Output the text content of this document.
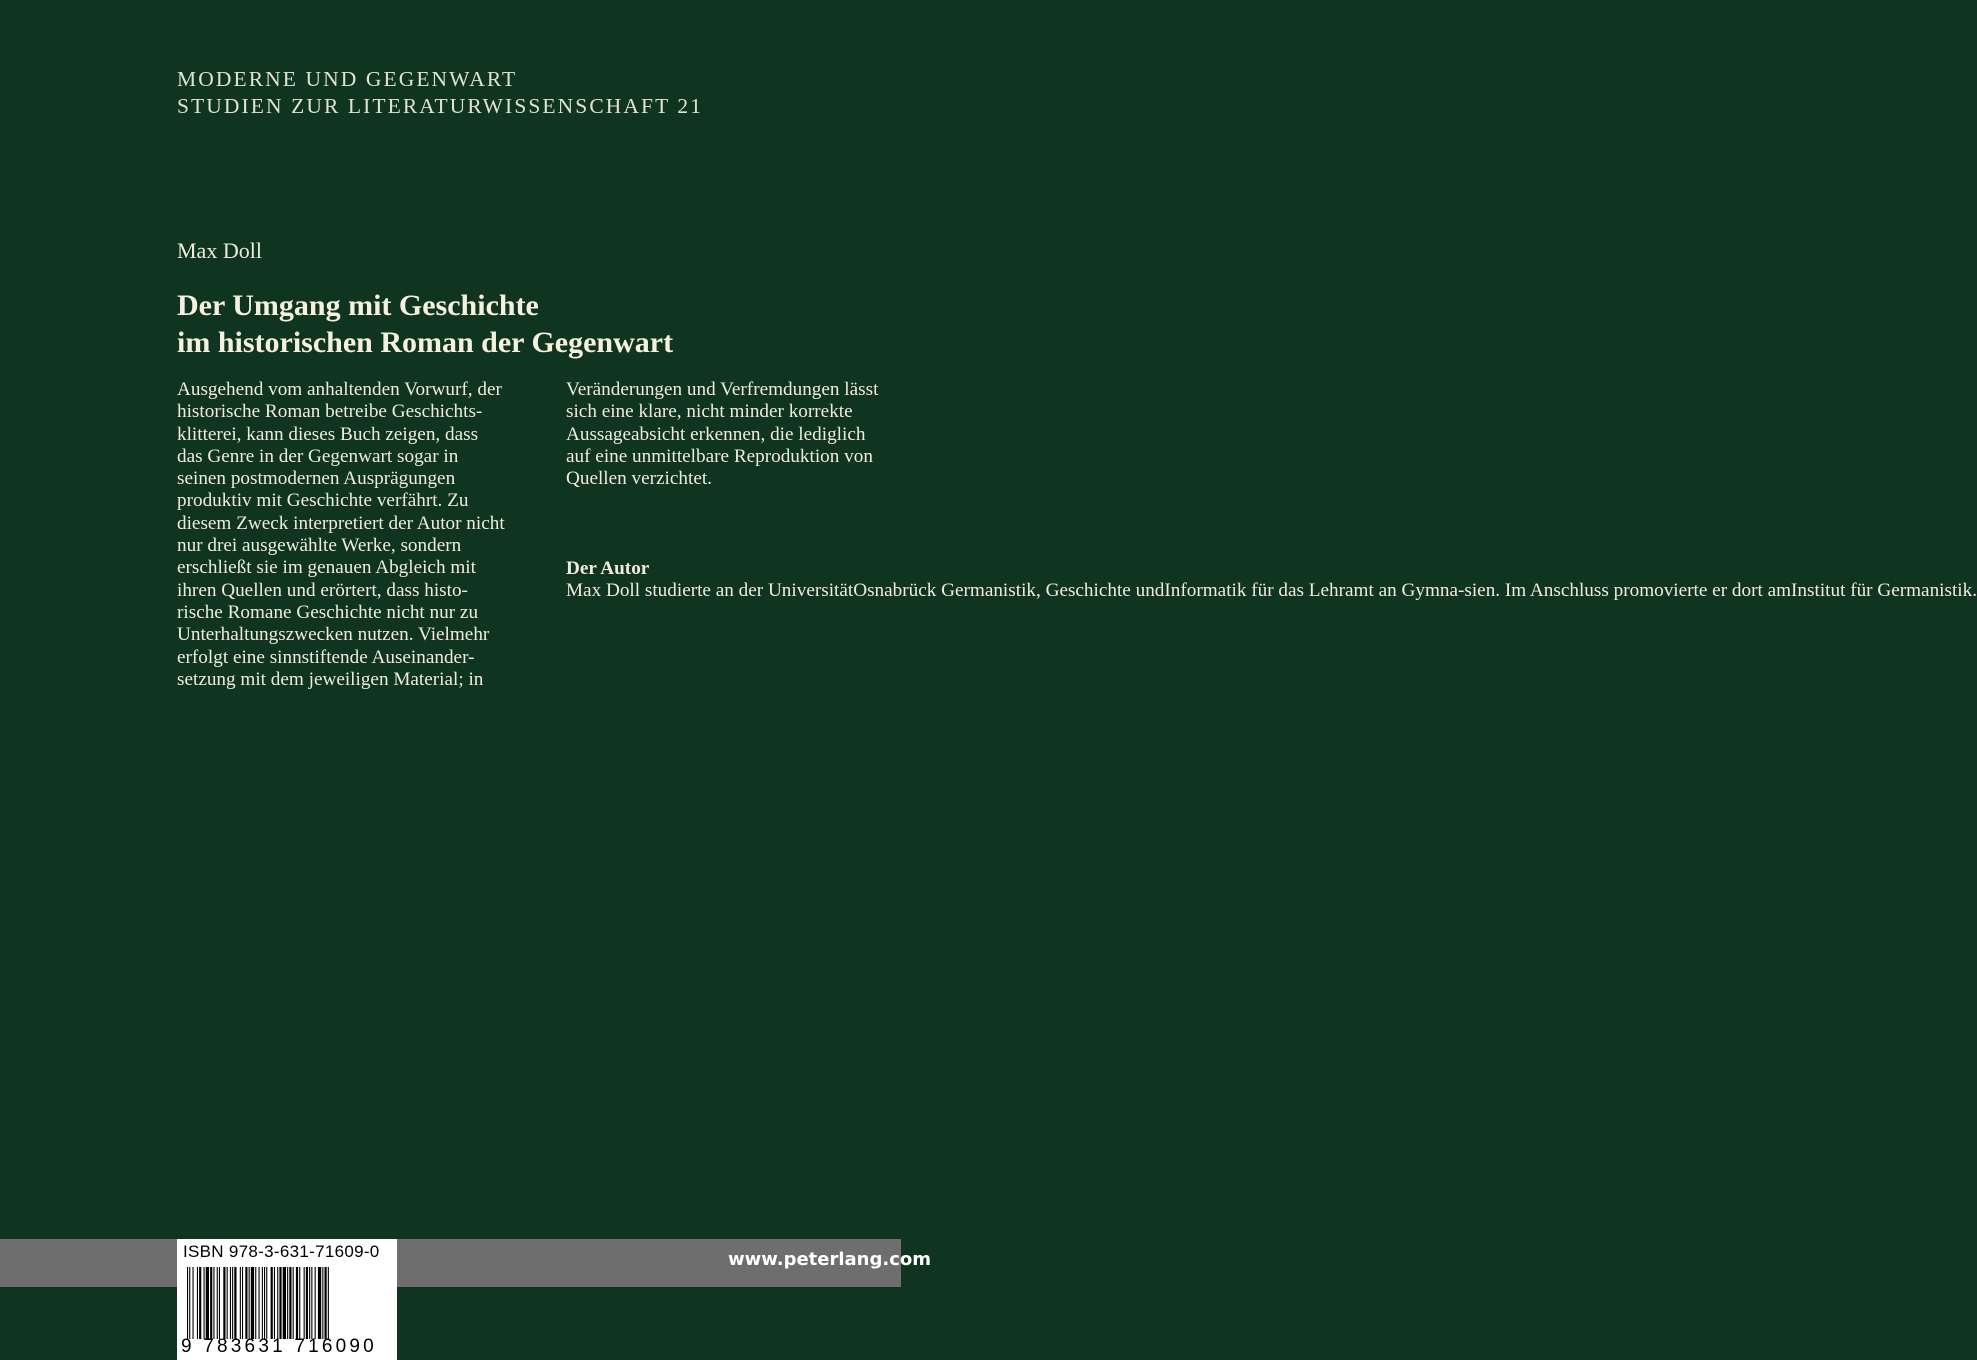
MODERNE UND GEGENWART
STUDIEN ZUR LITERATURWISSENSCHAFT 21
Max Doll
Der Umgang mit Geschichte
im historischen Roman der Gegenwart
Ausgehend vom anhaltenden Vorwurf, der
historische Roman betreibe Geschichts-
klitterei, kann dieses Buch zeigen, dass
das Genre in der Gegenwart sogar in
seinen postmodernen Ausprägungen
produktiv mit Geschichte verfährt. Zu
diesem Zweck interpretiert der Autor nicht
nur drei ausgewählte Werke, sondern
erschließt sie im genauen Abgleich mit
ihren Quellen und erörtert, dass histo-
rische Romane Geschichte nicht nur zu
Unterhaltungszwecken nutzen. Vielmehr
erfolgt eine sinnstiftende Auseinander-
setzung mit dem jeweiligen Material; in
Veränderungen und Verfremdungen lässt
sich eine klare, nicht minder korrekte
Aussageabsicht erkennen, die lediglich
auf eine unmittelbare Reproduktion von
Quellen verzichtet.
Der Autor
Max Doll studierte an der UniversitätOsnabrück Germanistik, Geschichte undInformatik für das Lehramt an Gymna-sien. Im Anschluss promovierte er dort amInstitut für Germanistik.
www.peterlang.com
ISBN 978-3-631-71609-0
9 783631 716090
